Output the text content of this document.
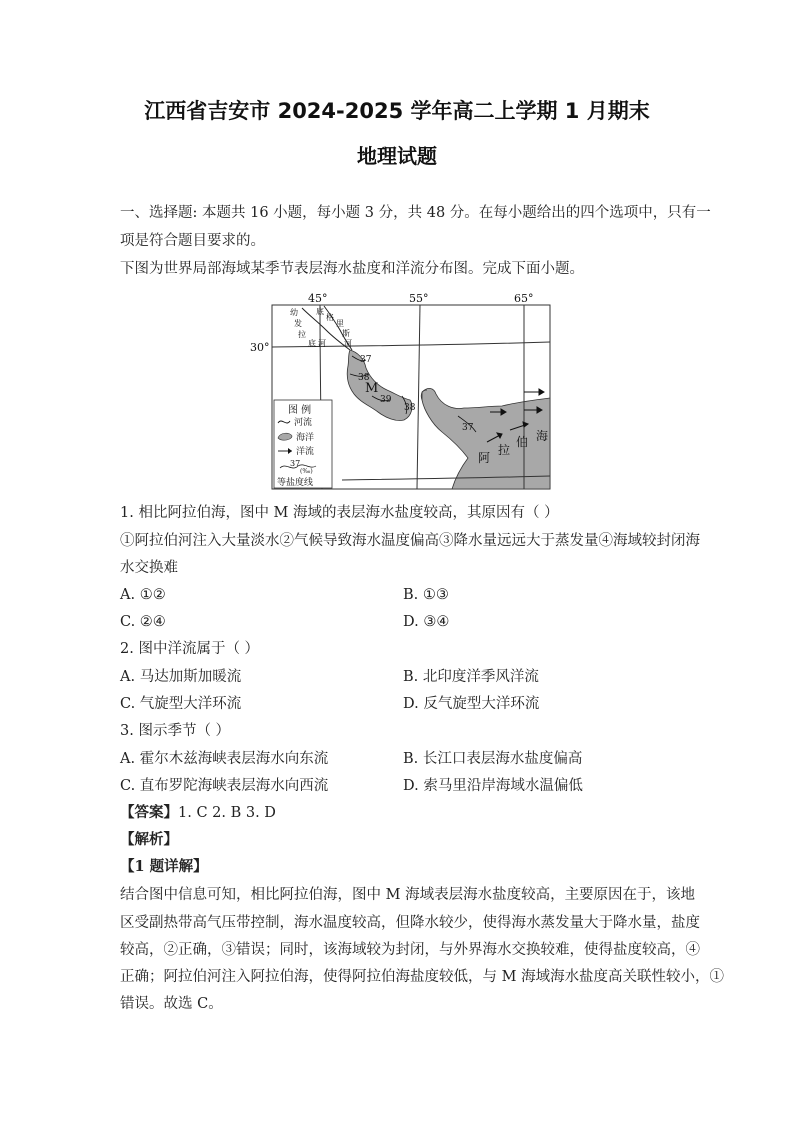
江西省吉安市 2024-2025 学年高二上学期 1 月期末
地理试题
一、选择题: 本题共 16 小题，每小题 3 分，共 48 分。在每小题给出的四个选项中，只有一
项是符合题目要求的。
下图为世界局部海域某季节表层海水盐度和洋流分布图。完成下面小题。
45°	55°	65°
30°
幼
发
拉
底
格
里
斯
河
底	河
37
38
39
38
37
M
阿
拉
伯 海
图 例
河流
海洋
洋流
37
(‰)
等盐度线
1. 相比阿拉伯海，图中 M 海域的表层海水盐度较高，其原因有（ ）
①阿拉伯河注入大量淡水②气候导致海水温度偏高③降水量远远大于蒸发量④海域较封闭海
水交换难
A. ①②	B. ①③
C. ②④	D. ③④
2. 图中洋流属于（ ）
A. 马达加斯加暖流	B. 北印度洋季风洋流
C. 气旋型大洋环流	D. 反气旋型大洋环流
3. 图示季节（ ）
A. 霍尔木兹海峡表层海水向东流	B. 长江口表层海水盐度偏高
C. 直布罗陀海峡表层海水向西流	D. 索马里沿岸海域水温偏低
【答案】1. C 2. B 3. D
【解析】
【1 题详解】
结合图中信息可知，相比阿拉伯海，图中 M 海域表层海水盐度较高，主要原因在于，该地
区受副热带高气压带控制，海水温度较高，但降水较少，使得海水蒸发量大于降水量，盐度
较高，②正确，③错误；同时，该海域较为封闭，与外界海水交换较难，使得盐度较高，④
正确；阿拉伯河注入阿拉伯海，使得阿拉伯海盐度较低，与 M 海域海水盐度高关联性较小，①
错误。故选 C。
